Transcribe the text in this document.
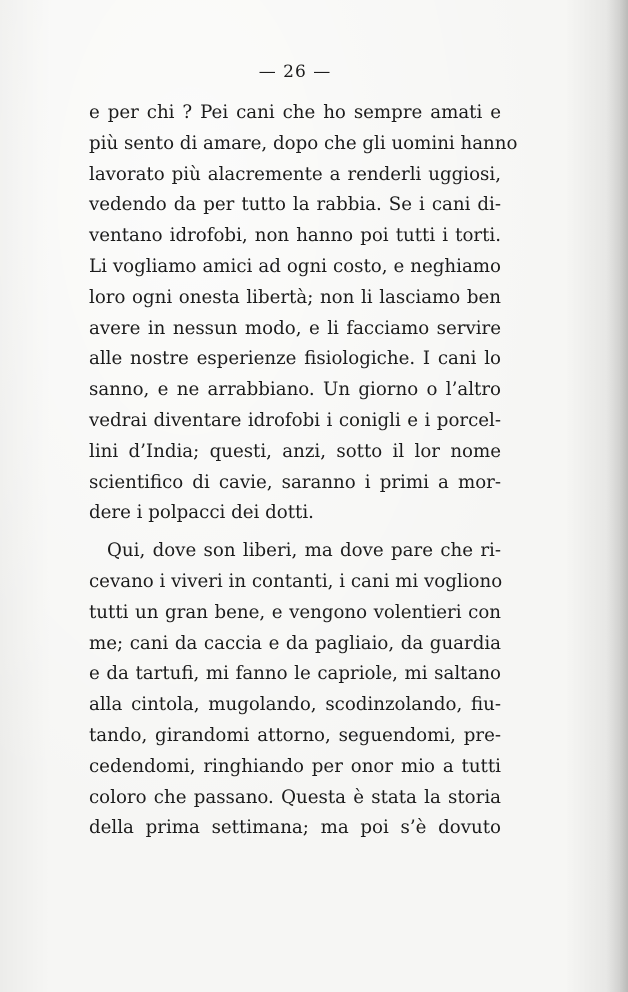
— 26 —
e per chi ? Pei cani che ho sempre amati e
più sento di amare, dopo che gli uomini hanno
lavorato più alacremente a renderli uggiosi,
vedendo da per tutto la rabbia. Se i cani di-
ventano idrofobi, non hanno poi tutti i torti.
Li vogliamo amici ad ogni costo, e neghiamo
loro ogni onesta libertà; non li lasciamo ben
avere in nessun modo, e li facciamo servire
alle nostre esperienze fisiologiche. I cani lo
sanno, e ne arrabbiano. Un giorno o l’altro
vedrai diventare idrofobi i conigli e i porcel-
lini d’India; questi, anzi, sotto il lor nome
scientifico di cavie, saranno i primi a mor-
dere i polpacci dei dotti.
Qui, dove son liberi, ma dove pare che ri-
cevano i viveri in contanti, i cani mi vogliono
tutti un gran bene, e vengono volentieri con
me; cani da caccia e da pagliaio, da guardia
e da tartufi, mi fanno le capriole, mi saltano
alla cintola, mugolando, scodinzolando, fiu-
tando, girandomi attorno, seguendomi, pre-
cedendomi, ringhiando per onor mio a tutti
coloro che passano. Questa è stata la storia
della prima settimana; ma poi s’è dovuto
